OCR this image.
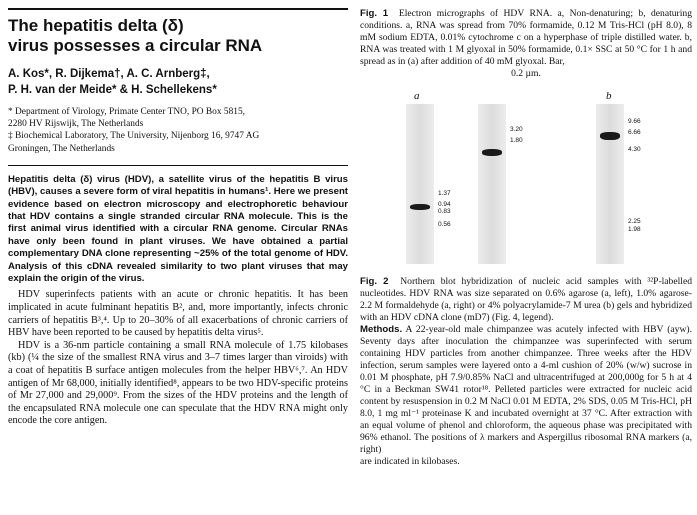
The hepatitis delta (δ)
virus possesses a circular RNA
A. Kos*, R. Dijkema†, A. C. Arnberg‡,
P. H. van der Meide* & H. Schellekens*
* Department of Virology, Primate Center TNO, PO Box 5815,
2280 HV Rijswijk, The Netherlands
‡ Biochemical Laboratory, The University, Nijenborg 16, 9747 AG
Groningen, The Netherlands

Hepatitis delta (δ) virus (HDV), a satellite virus of the hepatitis B virus (HBV), causes a severe form of viral hepatitis in humans¹. Here we present evidence based on electron microscopy and electrophoretic behaviour that HDV contains a single stranded circular RNA molecule. This is the first animal virus identified with a circular RNA genome. Circular RNAs have only been found in plant viruses. We have obtained a partial complementary DNA clone representing ~25% of the total genome of HDV. Analysis of this cDNA revealed similarity to two plant viruses that may explain the origin of the virus.

HDV superinfects patients with an acute or chronic hepatitis. It has been implicated in acute fulminant hepatitis B², and, more importantly, infects chronic carriers of hepatitis B³,⁴. Up to 20–30% of all exacerbations of chronic carriers of HBV have been reported to be caused by hepatitis delta virus⁵.

HDV is a 36-nm particle containing a small RNA molecule of 1.75 kilobases (kb) (¼ the size of the smallest RNA virus and 3–7 times larger than viroids) with a coat of hepatitis B surface antigen molecules from the helper HBV⁶,⁷. An HDV antigen of Mr 68,000, initially identified⁸, appears to be two HDV-specific proteins of Mr 27,000 and 29,000⁹. From the sizes of the HDV proteins and the length of the encapsulated RNA molecule one can speculate that the HDV RNA might only encode the core antigen.

Fig. 1 Electron micrographs of HDV RNA. a, Non-denaturing; b, denaturing conditions. a, RNA was spread from 70% formamide, 0.12 M Tris-HCl (pH 8.0), 8 mM sodium EDTA, 0.01% cytochrome c on a hyperphase of triple distilled water. b, RNA was treated with 1 M glyoxal in 50% formamide, 0.1× SSC at 50 °C for 1 h and spread as in (a) after addition of 40 mM glyoxal. Bar,

0.2 µm.

a
1.37
0.94
0.83
0.56
3.20
1.80
b
9.66
6.66
4.30
2.25
1.98

Fig. 2 Northern blot hybridization of nucleic acid samples with ³²P-labelled nucleotides. HDV RNA was size separated on 0.6% agarose (a, left), 1.0% agarose-2.2 M formaldehyde (a, right) or 4% polyacrylamide-7 M urea (b) gels and hybridized with an HDV cDNA clone (mD7) (Fig. 4, legend).

Methods. A 22-year-old male chimpanzee was acutely infected with HBV (ayw). Seventy days after inoculation the chimpanzee was superinfected with serum containing HDV particles from another chimpanzee. Three weeks after the HDV infection, serum samples were layered onto a 4-ml cushion of 20% (w/w) sucrose in 0.01 M phosphate, pH 7.9/0.85% NaCl and ultracentrifuged at 200,000g for 5 h at 4 °C in a Beckman SW41 rotor¹⁸. Pelleted particles were extracted for nucleic acid content by resuspension in 0.2 M NaCl 0.01 M EDTA, 2% SDS, 0.05 M Tris-HCl, pH 8.0, 1 mg ml⁻¹ proteinase K and incubated overnight at 37 °C. After extraction with an equal volume of phenol and chloroform, the aqueous phase was precipitated with 96% ethanol. The positions of λ markers and Aspergillus ribosomal RNA markers (a, right)

are indicated in kilobases.
